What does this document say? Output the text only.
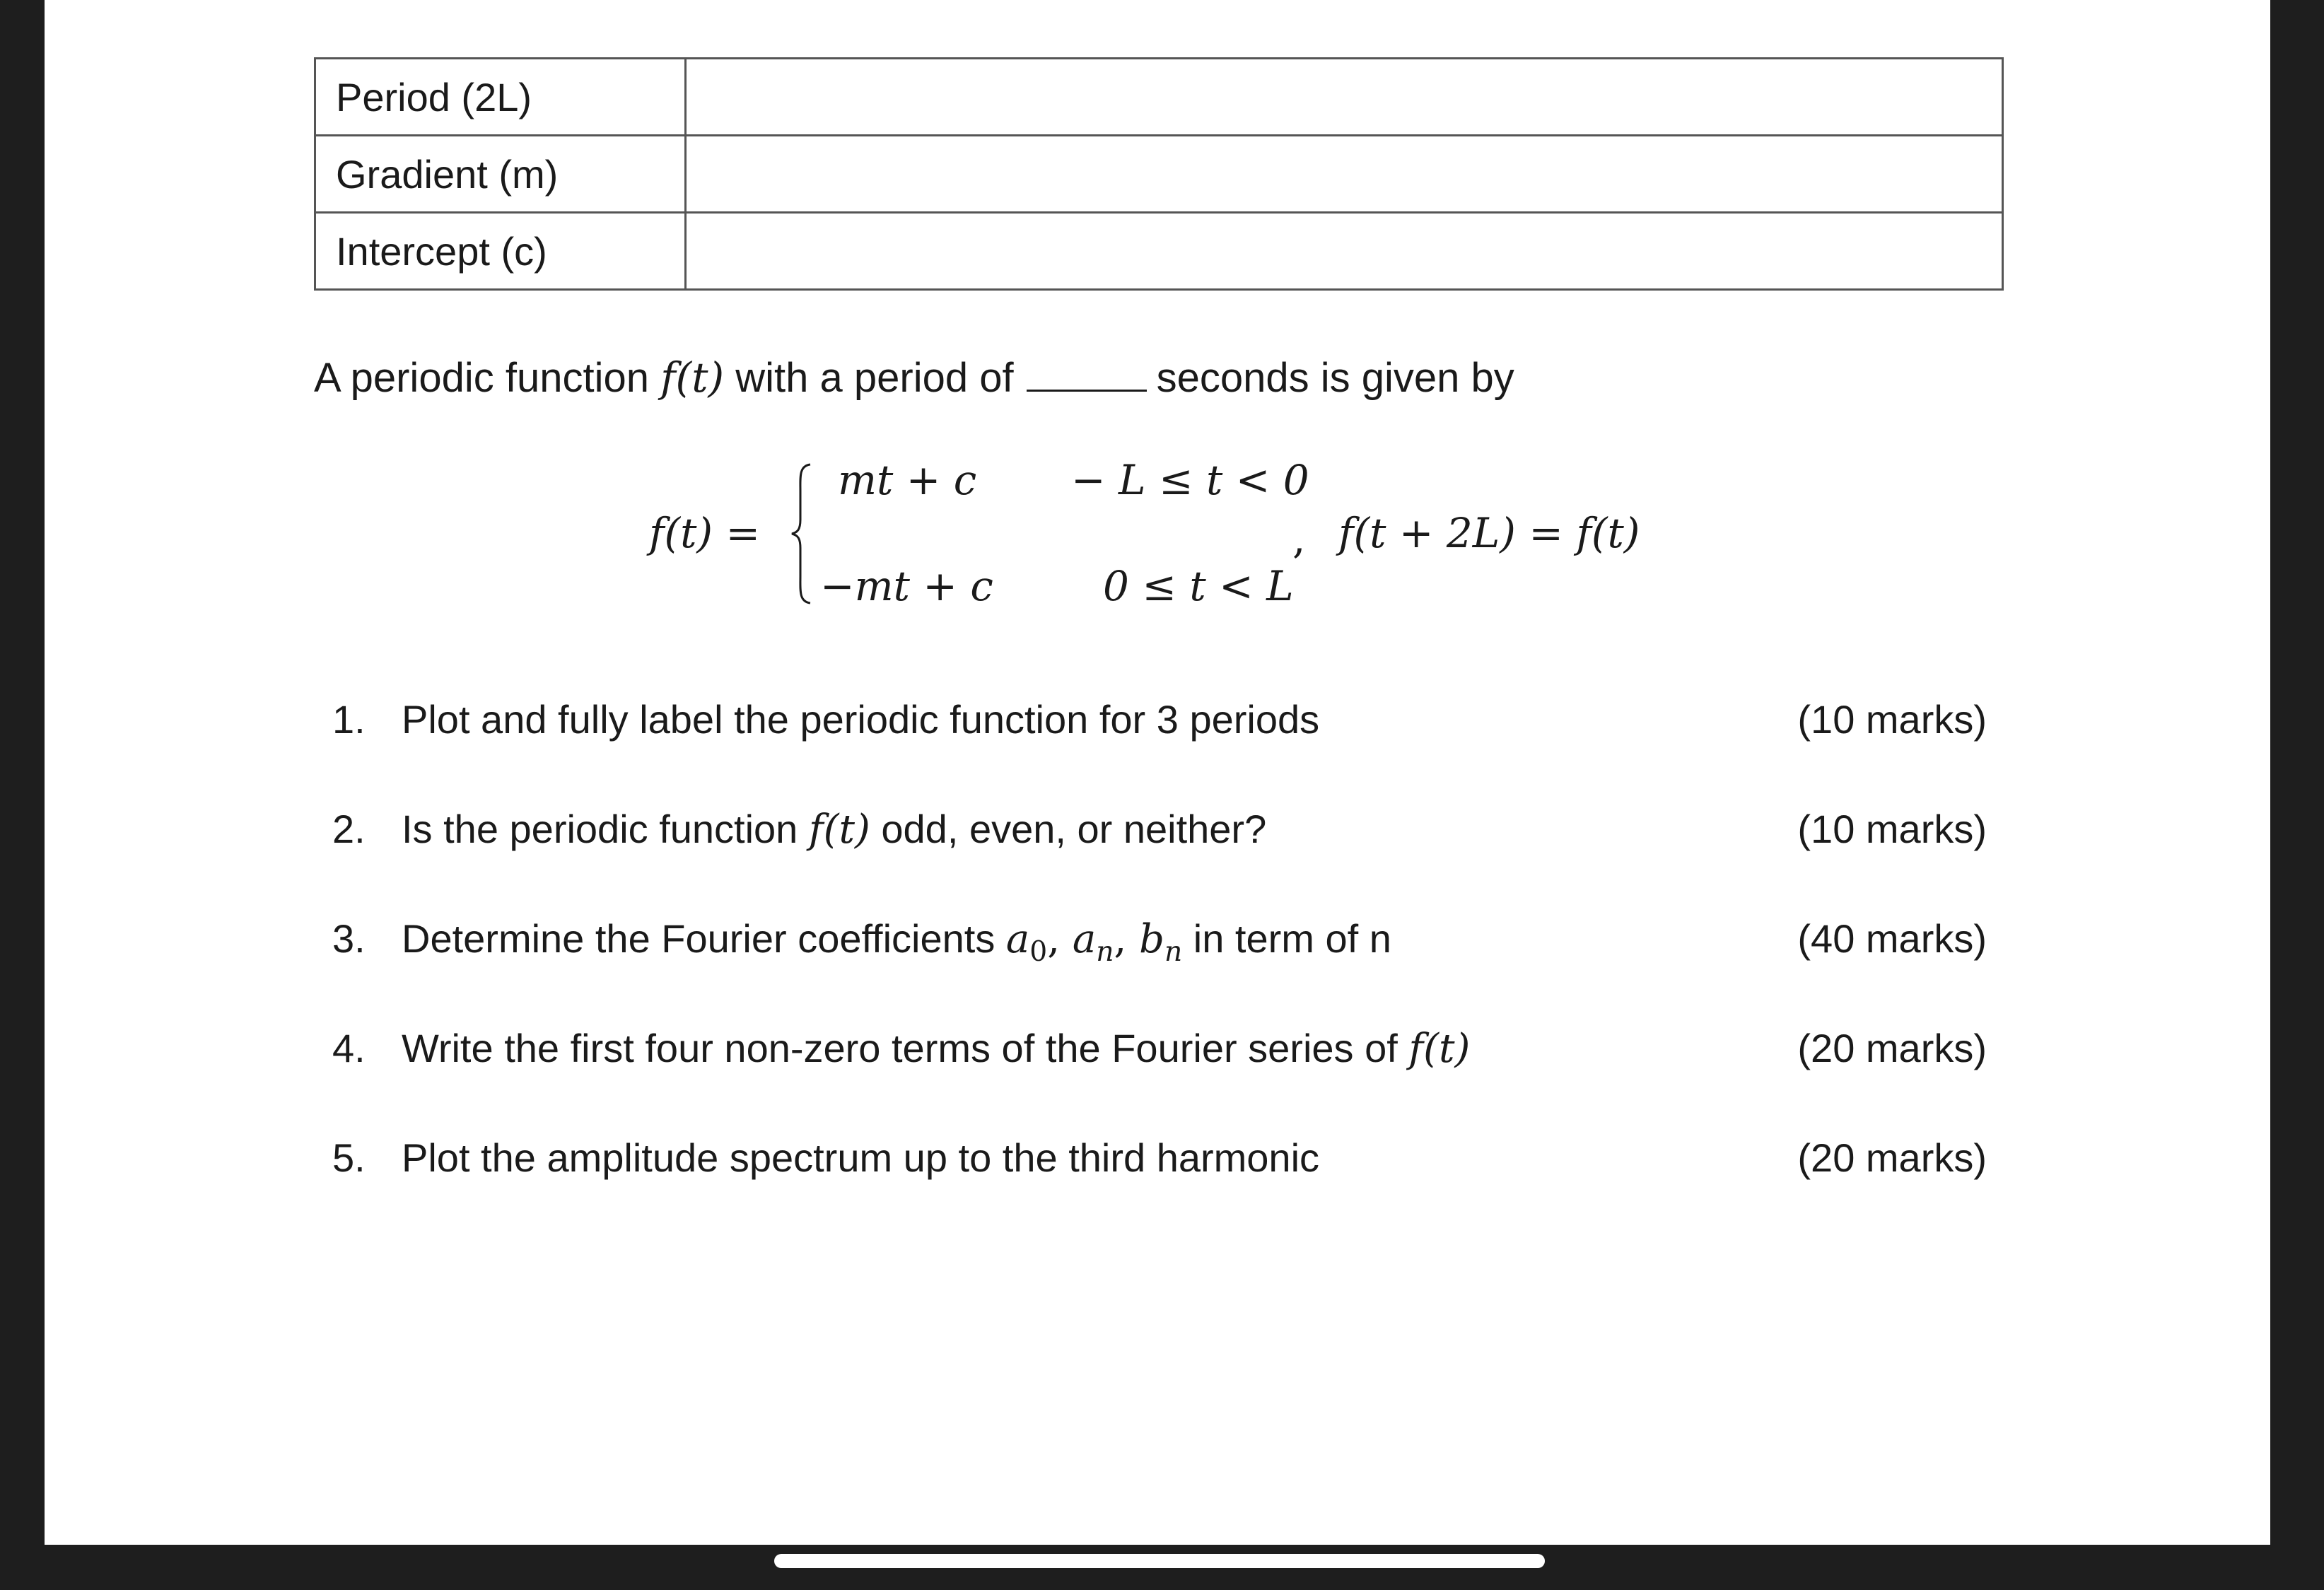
Period (2L)	
Gradient (m)	
Intercept (c)	
A periodic function f(t) with a period of	seconds is given by
f(t) =
mt + c − L ≤ t < 0
−mt + c	0 ≤ t < L
, f(t + 2L) = f(t)
1. Plot and fully label the periodic function for 3 periods	(10 marks)
2. Is the periodic function f(t) odd, even, or neither?	(10 marks)
3. Determine the Fourier coefficients $a_0$, $a_n$, $b_n$ in term of n	(40 marks)
4. Write the first four non-zero terms of the Fourier series of f(t)	(20 marks)
5. Plot the amplitude spectrum up to the third harmonic	(20 marks)
